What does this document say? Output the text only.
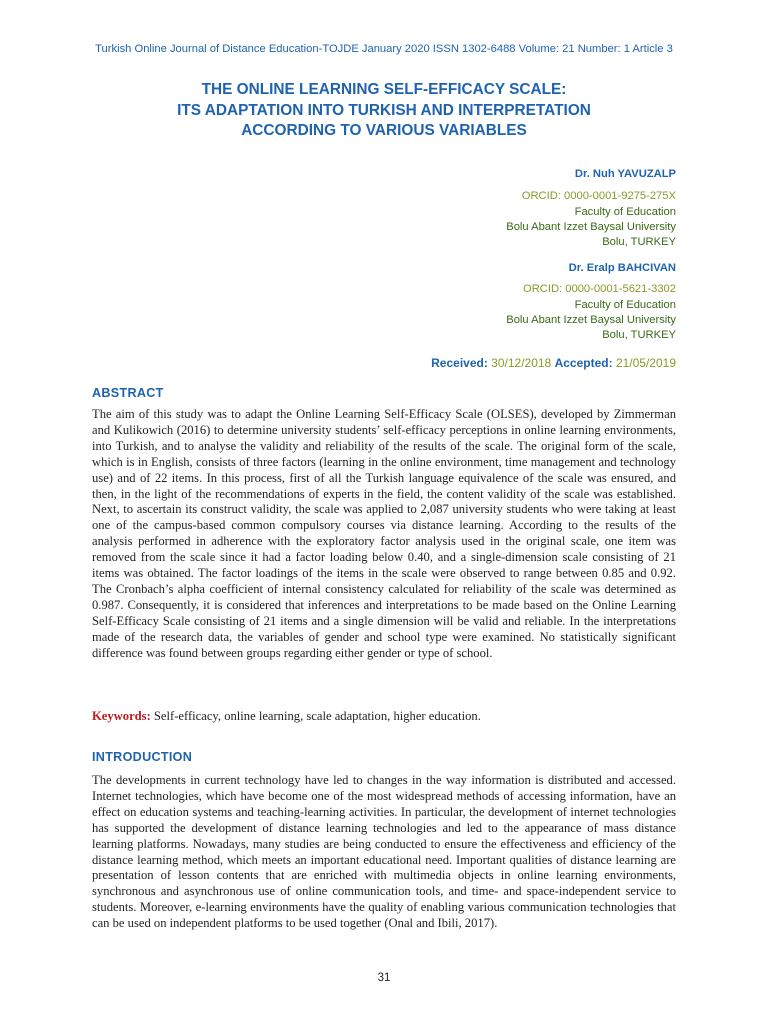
Turkish Online Journal of Distance Education-TOJDE January 2020 ISSN 1302-6488 Volume: 21 Number: 1 Article 3
THE ONLINE LEARNING SELF-EFFICACY SCALE:
ITS ADAPTATION INTO TURKISH AND INTERPRETATION
ACCORDING TO VARIOUS VARIABLES
Dr. Nuh YAVUZALP
ORCID: 0000-0001-9275-275X
Faculty of Education
Bolu Abant Izzet Baysal University
Bolu, TURKEY
Dr. Eralp BAHCIVAN
ORCID: 0000-0001-5621-3302
Faculty of Education
Bolu Abant Izzet Baysal University
Bolu, TURKEY
Received: 30/12/2018 Accepted: 21/05/2019
ABSTRACT
The aim of this study was to adapt the Online Learning Self-Efficacy Scale (OLSES), developed by Zimmerman and Kulikowich (2016) to determine university students’ self-efficacy perceptions in online learning environments, into Turkish, and to analyse the validity and reliability of the results of the scale. The original form of the scale, which is in English, consists of three factors (learning in the online environment, time management and technology use) and of 22 items. In this process, first of all the Turkish language equivalence of the scale was ensured, and then, in the light of the recommendations of experts in the field, the content validity of the scale was established. Next, to ascertain its construct validity, the scale was applied to 2,087 university students who were taking at least one of the campus-based common compulsory courses via distance learning. According to the results of the analysis performed in adherence with the exploratory factor analysis used in the original scale, one item was removed from the scale since it had a factor loading below 0.40, and a single-dimension scale consisting of 21 items was obtained. The factor loadings of the items in the scale were observed to range between 0.85 and 0.92. The Cronbach’s alpha coefficient of internal consistency calculated for reliability of the scale was determined as 0.987. Consequently, it is considered that inferences and interpretations to be made based on the Online Learning Self-Efficacy Scale consisting of 21 items and a single dimension will be valid and reliable. In the interpretations made of the research data, the variables of gender and school type were examined. No statistically significant difference was found between groups regarding either gender or type of school.
Keywords: Self-efficacy, online learning, scale adaptation, higher education.
INTRODUCTION
The developments in current technology have led to changes in the way information is distributed and accessed. Internet technologies, which have become one of the most widespread methods of accessing information, have an effect on education systems and teaching-learning activities. In particular, the development of internet technologies has supported the development of distance learning technologies and led to the appearance of mass distance learning platforms. Nowadays, many studies are being conducted to ensure the effectiveness and efficiency of the distance learning method, which meets an important educational need. Important qualities of distance learning are presentation of lesson contents that are enriched with multimedia objects in online learning environments, synchronous and asynchronous use of online communication tools, and time- and space-independent service to students. Moreover, e-learning environments have the quality of enabling various communication technologies that can be used on independent platforms to be used together (Onal and Ibili, 2017).
31
